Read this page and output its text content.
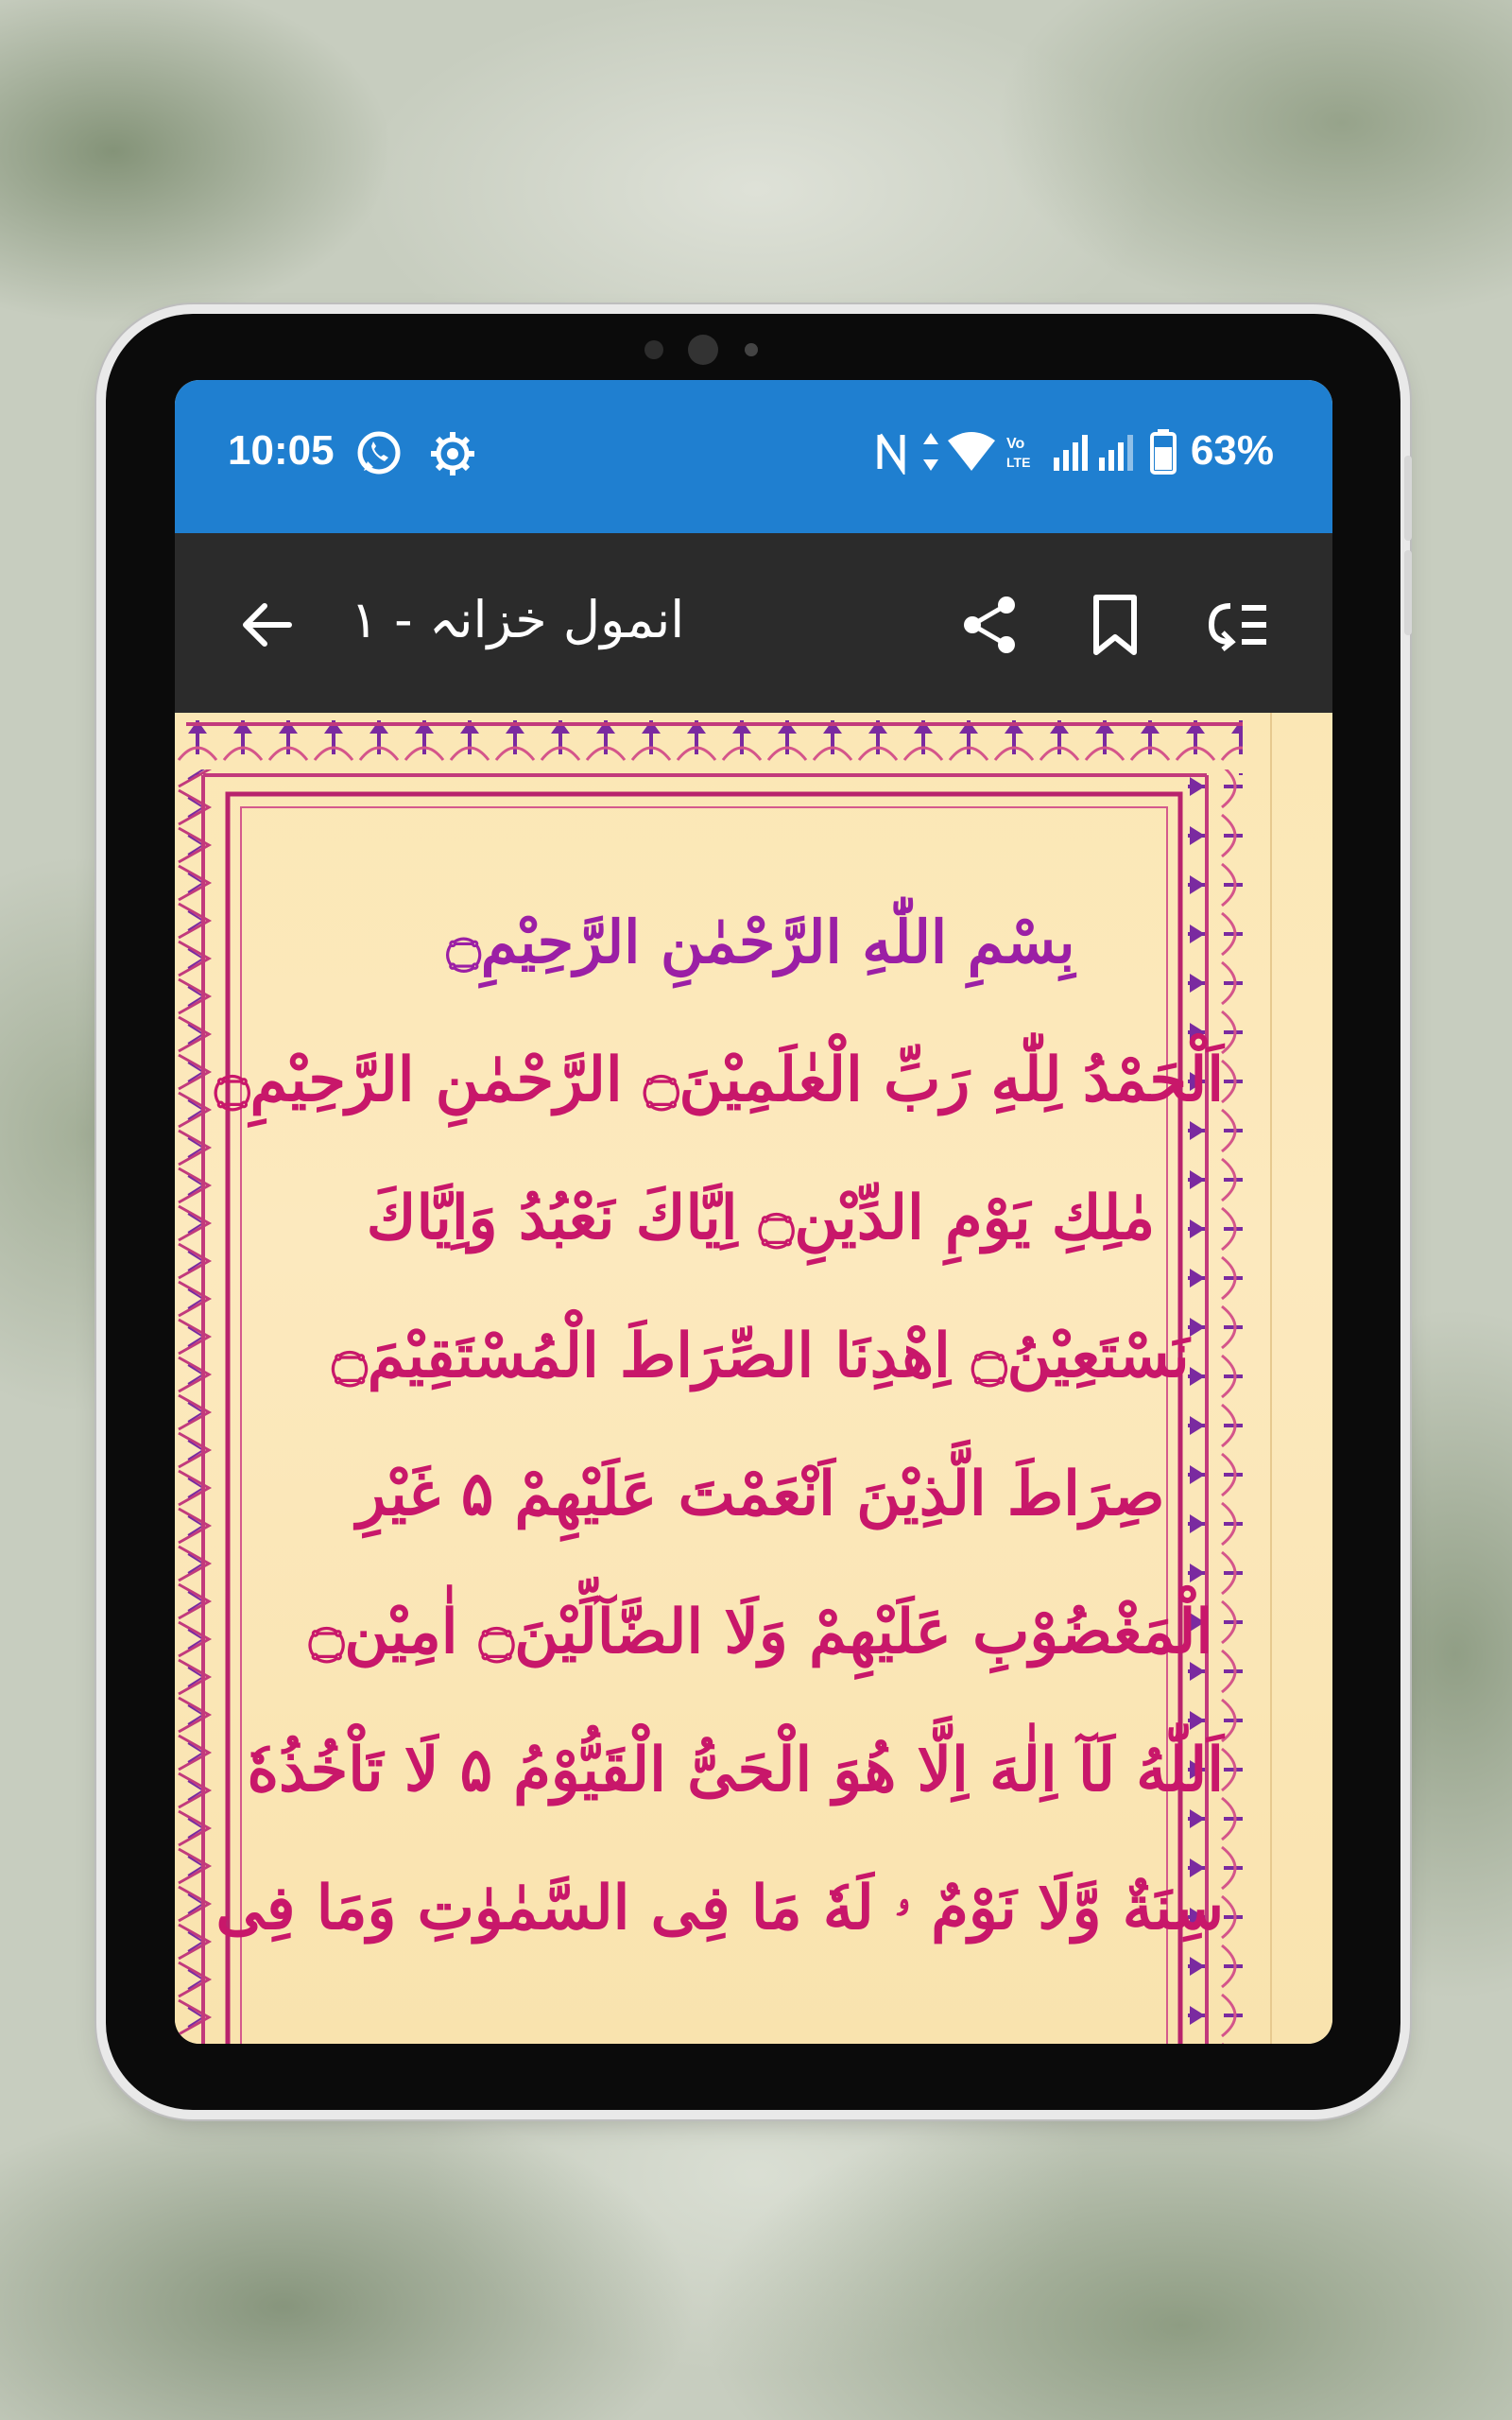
10:05	Vo
LTE	63%
انمول خزانہ - ۱
بِسْمِ اللّٰهِ الرَّحْمٰنِ الرَّحِيْمِ۝
اَلْحَمْدُ لِلّٰهِ رَبِّ الْعٰلَمِيْنَ۝ الرَّحْمٰنِ الرَّحِيْمِ۝
مٰلِكِ يَوْمِ الدِّيْنِ۝ اِيَّاكَ نَعْبُدُ وَاِيَّاكَ
نَسْتَعِيْنُ۝ اِهْدِنَا الصِّرَاطَ الْمُسْتَقِيْمَ۝
صِرَاطَ الَّذِيْنَ اَنْعَمْتَ عَلَيْهِمْ ۵ غَيْرِ
الْمَغْضُوْبِ عَلَيْهِمْ وَلَا الضَّآلِّيْنَ۝ اٰمِيْن۝
اَللّٰهُ لَآ اِلٰهَ اِلَّا هُوَ الْحَىُّ الْقَيُّوْمُ ۵ لَا تَاْخُذُهٗ
سِنَةٌ وَّلَا نَوْمٌ ۥ لَهٗ مَا فِى السَّمٰوٰتِ وَمَا فِى
